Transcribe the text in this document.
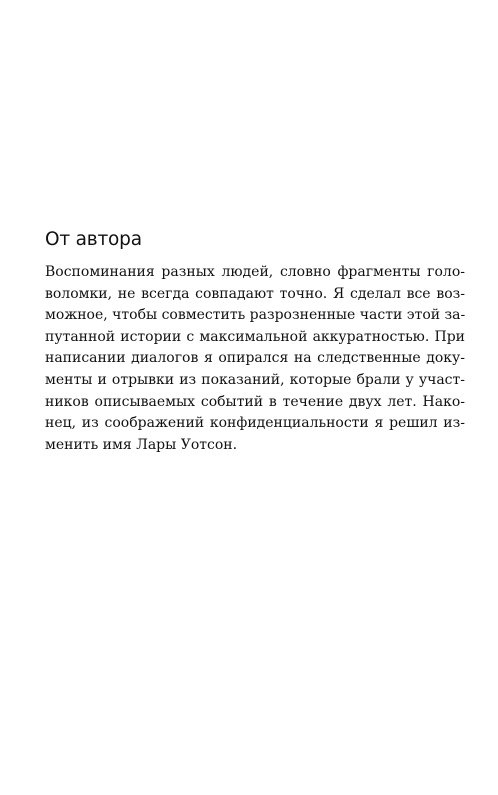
От автора
Воспоминания разных людей, словно фрагменты голо-
воломки, не всегда совпадают точно. Я сделал все воз-
можное, чтобы совместить разрозненные части этой за-
путанной истории с максимальной аккуратностью. При
написании диалогов я опирался на следственные доку-
менты и отрывки из показаний, которые брали у участ-
ников описываемых событий в течение двух лет. Нако-
нец, из соображений конфиденциальности я решил из-
менить имя Лары Уотсон.
